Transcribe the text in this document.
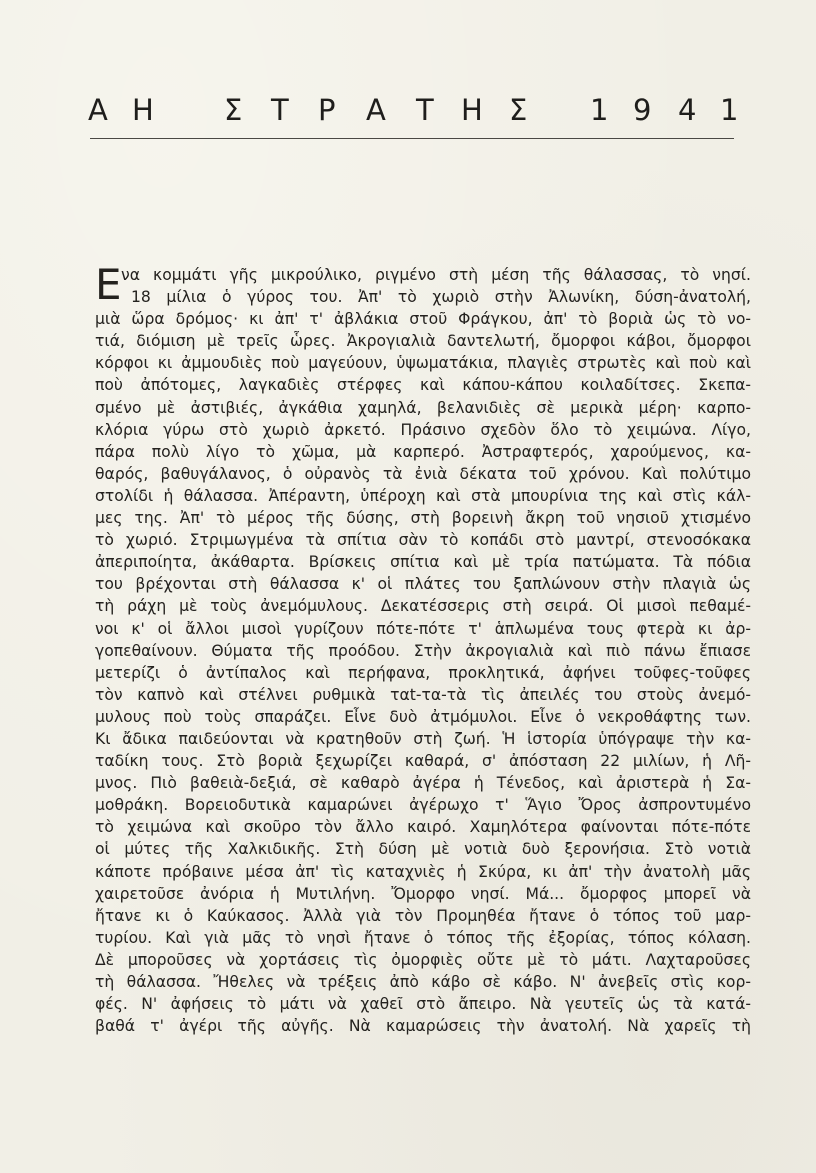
Α Η Σ Τ Ρ Α Τ Η Σ 1 9 4 1
Ε να κομμάτι γῆς μικρούλικο, ριγμένο στὴ μέση τῆς θάλασσας, τὸ νησί.
18 μίλια ὁ γύρος του. Ἀπ' τὸ χωριὸ στὴν Ἀλωνίκη, δύση-ἀνατολή,
μιὰ ὥρα δρόμος· κι ἀπ' τ' ἀβλάκια στοῦ Φράγκου, ἀπ' τὸ βοριὰ ὡς τὸ νο-
τιά, διόμιση μὲ τρεῖς ὧρες. Ἀκρογιαλιὰ δαντελωτή, ὄμορφοι κάβοι, ὄμορφοι
κόρφοι κι ἀμμουδιὲς ποὺ μαγεύουν, ὑψωματάκια, πλαγιὲς στρωτὲς καὶ ποὺ καὶ
ποὺ ἀπότομες, λαγκαδιὲς στέρφες καὶ κάπου-κάπου κοιλαδίτσες. Σκεπα-
σμένο μὲ ἀστιβιές, ἀγκάθια χαμηλά, βελανιδιὲς σὲ μερικὰ μέρη· καρπο-
κλόρια γύρω στὸ χωριὸ ἀρκετό. Πράσινο σχεδὸν ὅλο τὸ χειμώνα. Λίγο,
πάρα πολὺ λίγο τὸ χῶμα, μὰ καρπερό. Ἀστραφτερός, χαρούμενος, κα-
θαρός, βαθυγάλανος, ὁ οὐρανὸς τὰ ἐνιὰ δέκατα τοῦ χρόνου. Καὶ πολύτιμο
στολίδι ἡ θάλασσα. Ἀπέραντη, ὑπέροχη καὶ στὰ μπουρίνια της καὶ στὶς κάλ-
μες της. Ἀπ' τὸ μέρος τῆς δύσης, στὴ βορεινὴ ἄκρη τοῦ νησιοῦ χτισμένο
τὸ χωριό. Στριμωγμένα τὰ σπίτια σὰν τὸ κοπάδι στὸ μαντρί, στενοσόκακα
ἀπεριποίητα, ἀκάθαρτα. Βρίσκεις σπίτια καὶ μὲ τρία πατώματα. Τὰ πόδια
του βρέχονται στὴ θάλασσα κ' οἱ πλάτες του ξαπλώνουν στὴν πλαγιὰ ὡς
τὴ ράχη μὲ τοὺς ἀνεμόμυλους. Δεκατέσσερις στὴ σειρά. Οἱ μισοὶ πεθαμέ-
νοι κ' οἱ ἄλλοι μισοὶ γυρίζουν πότε-πότε τ' ἁπλωμένα τους φτερὰ κι ἀρ-
γοπεθαίνουν. Θύματα τῆς προόδου. Στὴν ἀκρογιαλιὰ καὶ πιὸ πάνω ἔπιασε
μετερίζι ὁ ἀντίπαλος καὶ περήφανα, προκλητικά, ἀφήνει τοῦφες-τοῦφες
τὸν καπνὸ καὶ στέλνει ρυθμικὰ ταt-τα-τὰ τὶς ἀπειλές του στοὺς ἀνεμό-
μυλους ποὺ τοὺς σπαράζει. Εἶνε δυὸ ἀτμόμυλοι. Εἶνε ὁ νεκροθάφτης των.
Κι ἄδικα παιδεύονται νὰ κρατηθοῦν στὴ ζωή. Ἡ ἱστορία ὑπόγραψε τὴν κα-
ταδίκη τους. Στὸ βοριὰ ξεχωρίζει καθαρά, σ' ἀπόσταση 22 μιλίων, ἡ Λῆ-
μνος. Πιὸ βαθειὰ-δεξιά, σὲ καθαρὸ ἀγέρα ἡ Τένεδος, καὶ ἀριστερὰ ἡ Σα-
μοθράκη. Βορειοδυτικὰ καμαρώνει ἀγέρωχο τ' Ἅγιο Ὄρος ἀσπροντυμένο
τὸ χειμώνα καὶ σκοῦρο τὸν ἄλλο καιρό. Χαμηλότερα φαίνονται πότε-πότε
οἱ μύτες τῆς Χαλκιδικῆς. Στὴ δύση μὲ νοτιὰ δυὸ ξερονήσια. Στὸ νοτιὰ
κάποτε πρόβαινε μέσα ἀπ' τὶς καταχνιὲς ἡ Σκύρα, κι ἀπ' τὴν ἀνατολὴ μᾶς
χαιρετοῦσε ἀνόρια ἡ Μυτιλήνη. Ὄμορφο νησί. Μά... ὄμορφος μπορεῖ νὰ
ἤτανε κι ὁ Καύκασος. Ἀλλὰ γιὰ τὸν Προμηθέα ἤτανε ὁ τόπος τοῦ μαρ-
τυρίου. Καὶ γιὰ μᾶς τὸ νησὶ ἤτανε ὁ τόπος τῆς ἐξορίας, τόπος κόλαση.
Δὲ μποροῦσες νὰ χορτάσεις τὶς ὀμορφιὲς οὔτε μὲ τὸ μάτι. Λαχταροῦσες
τὴ θάλασσα. Ἤθελες νὰ τρέξεις ἀπὸ κάβο σὲ κάβο. Ν' ἀνεβεῖς στὶς κορ-
φές. Ν' ἀφήσεις τὸ μάτι νὰ χαθεῖ στὸ ἄπειρο. Νὰ γευτεῖς ὡς τὰ κατά-
βαθά τ' ἀγέρι τῆς αὐγῆς. Νὰ καμαρώσεις τὴν ἀνατολή. Νὰ χαρεῖς τὴ
